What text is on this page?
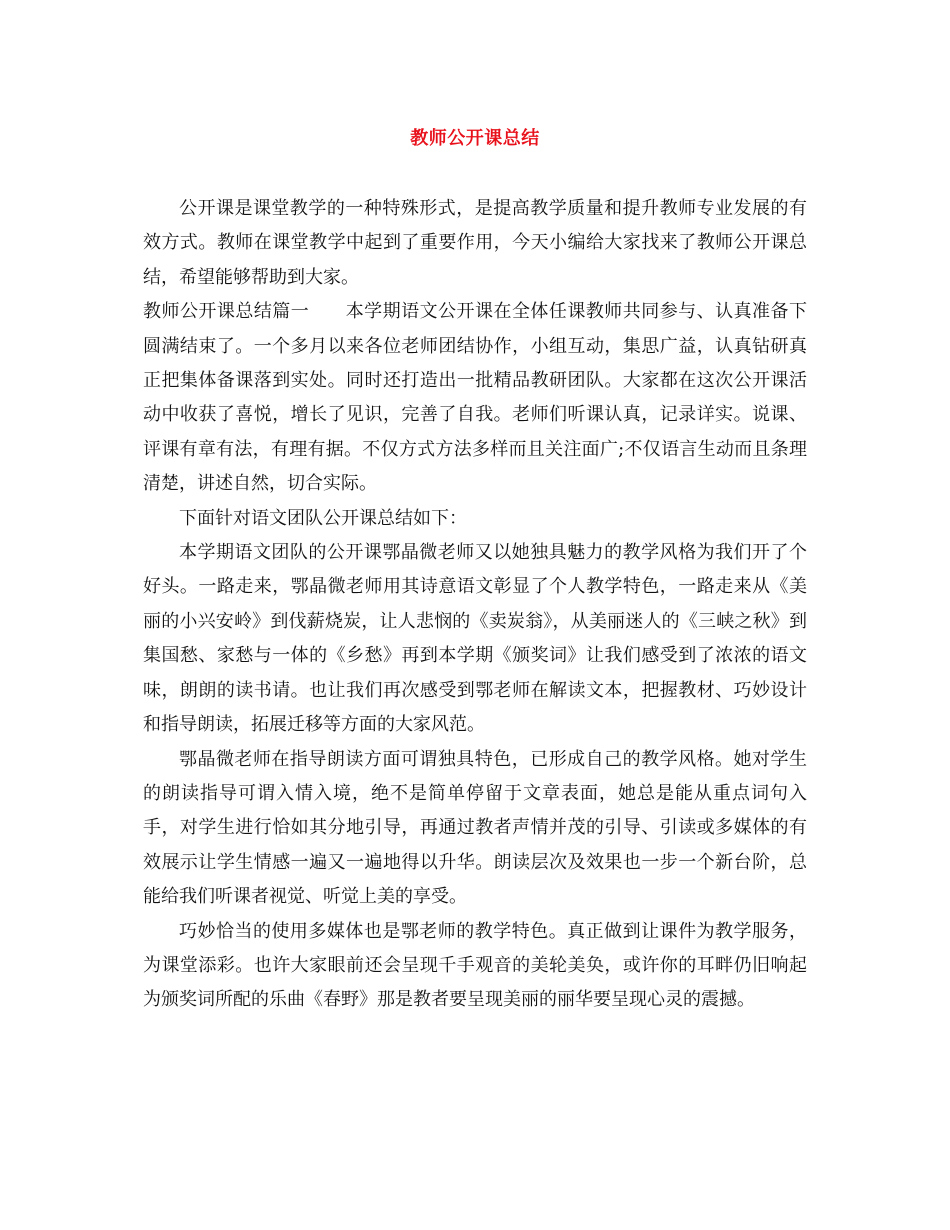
教师公开课总结

公开课是课堂教学的一种特殊形式，是提高教学质量和提升教师专业发展的有效方式。教师在课堂教学中起到了重要作用，今天小编给大家找来了教师公开课总结，希望能够帮助到大家。

教师公开课总结篇一 本学期语文公开课在全体任课教师共同参与、认真准备下圆满结束了。一个多月以来各位老师团结协作，小组互动，集思广益，认真钻研真正把集体备课落到实处。同时还打造出一批精品教研团队。大家都在这次公开课活动中收获了喜悦，增长了见识，完善了自我。老师们听课认真，记录详实。说课、评课有章有法，有理有据。不仅方式方法多样而且关注面广;不仅语言生动而且条理清楚，讲述自然，切合实际。

下面针对语文团队公开课总结如下：

本学期语文团队的公开课鄂晶微老师又以她独具魅力的教学风格为我们开了个好头。一路走来，鄂晶微老师用其诗意语文彰显了个人教学特色，一路走来从《美丽的小兴安岭》到伐薪烧炭，让人悲悯的《卖炭翁》，从美丽迷人的《三峡之秋》到集国愁、家愁与一体的《乡愁》再到本学期《颁奖词》让我们感受到了浓浓的语文味，朗朗的读书请。也让我们再次感受到鄂老师在解读文本，把握教材、巧妙设计和指导朗读，拓展迁移等方面的大家风范。

鄂晶微老师在指导朗读方面可谓独具特色，已形成自己的教学风格。她对学生的朗读指导可谓入情入境，绝不是简单停留于文章表面，她总是能从重点词句入手，对学生进行恰如其分地引导，再通过教者声情并茂的引导、引读或多媒体的有效展示让学生情感一遍又一遍地得以升华。朗读层次及效果也一步一个新台阶，总能给我们听课者视觉、听觉上美的享受。

巧妙恰当的使用多媒体也是鄂老师的教学特色。真正做到让课件为教学服务，为课堂添彩。也许大家眼前还会呈现千手观音的美轮美奂，或许你的耳畔仍旧响起为颁奖词所配的乐曲《春野》那是教者要呈现美丽的丽华要呈现心灵的震撼。
